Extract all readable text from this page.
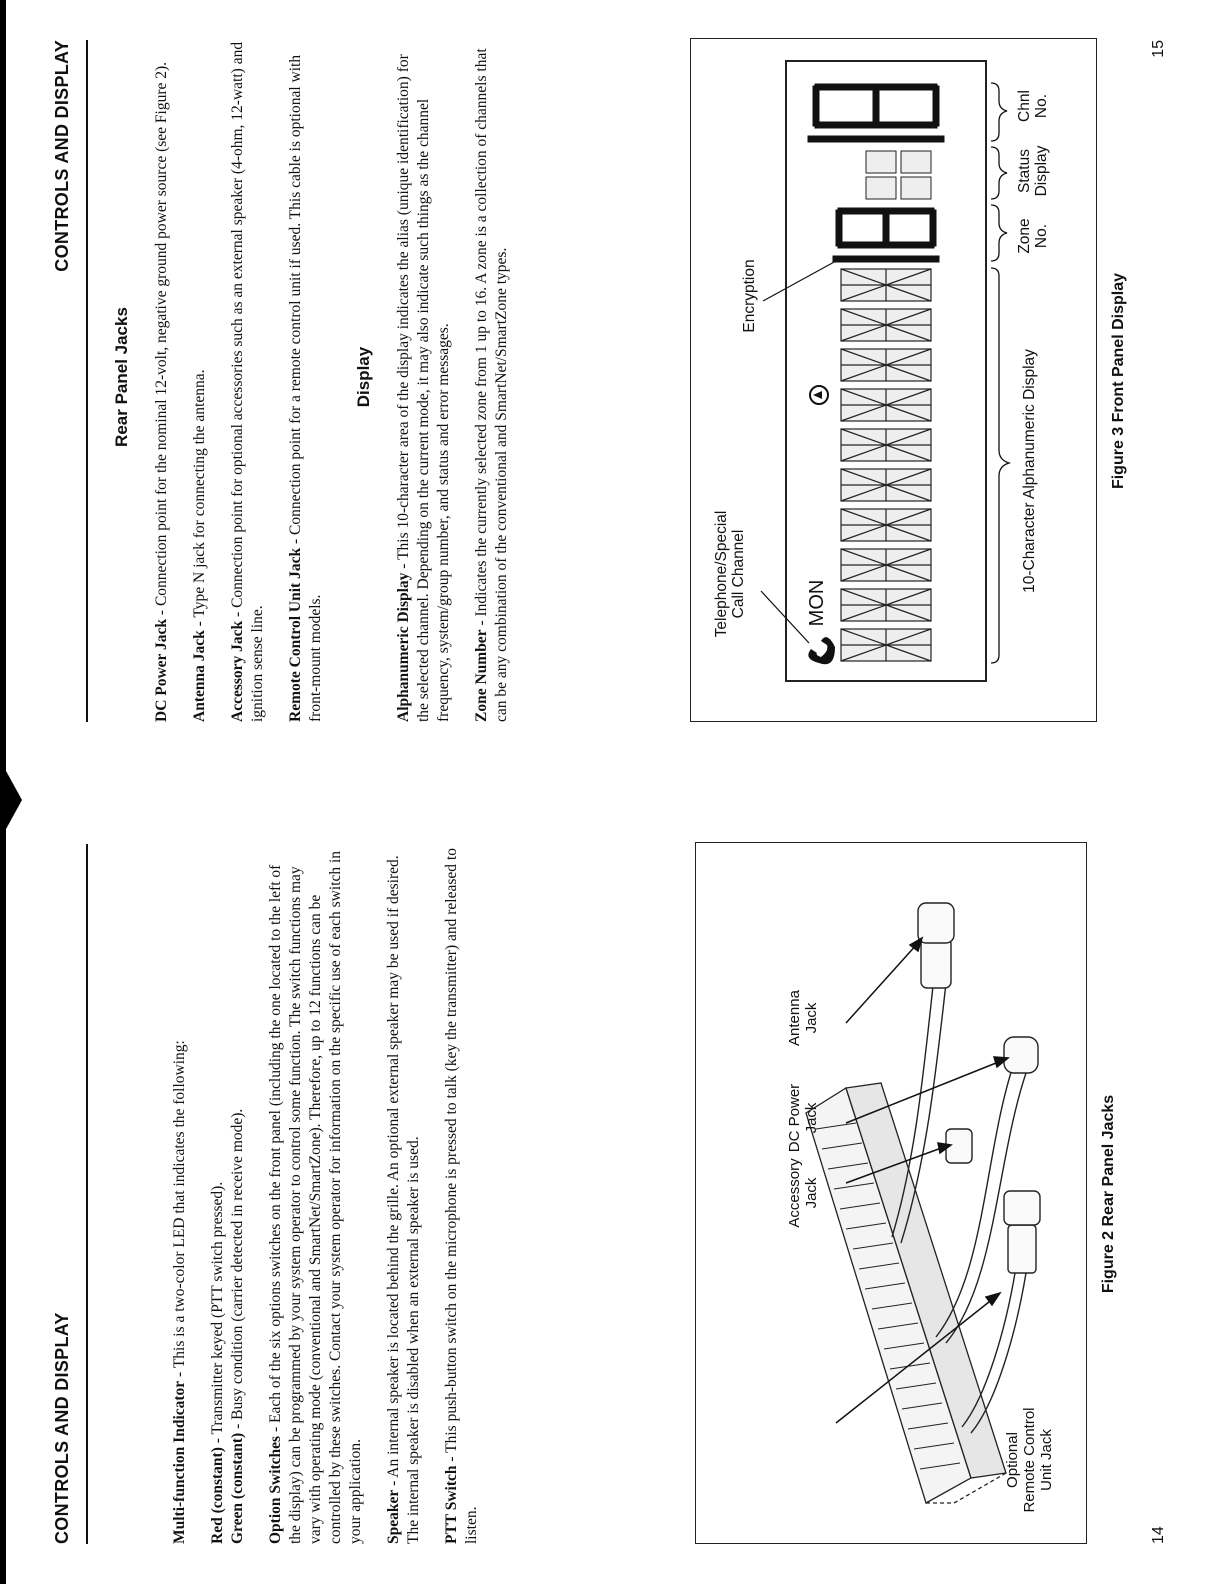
CONTROLS AND DISPLAY	Multi-function Indicator - This is a two-color LED that indicates the following:

Red (constant) - Transmitter keyed (PTT switch pressed).

Green (constant) - Busy condition (carrier detected in receive mode).

Option Switches - Each of the six options switches on the front panel (including the one located to the left of the display) can be programmed by your system operator to control some function. The switch functions may vary with operating mode (conventional and SmartNet/SmartZone). Therefore, up to 12 functions can be controlled by these switches. Contact your system operator for information on the specific use of each switch in your application. Speaker - An internal speaker is located behind the grille. An optional external speaker may be used if desired. The internal speaker is disabled when an external speaker is used. PTT Switch - This push-button switch on the microphone is pressed to talk (key the transmitter) and released to listen.

Optional
Remote Control
Unit Jack
Accessory
Jack
DC Power
Jack
Antenna
Jack
Figure 2 Rear Panel Jacks
14
CONTROLS AND DISPLAY
Rear Panel Jacks

DC Power Jack - Connection point for the nominal 12-volt, negative ground power source (see Figure 2).

Antenna Jack - Type N jack for connecting the antenna.

Accessory Jack - Connection point for optional accessories such as an external speaker (4-ohm, 12-watt) and ignition sense line. Remote Control Unit Jack - Connection point for a remote control unit if used. This cable is optional with front-mount models.

Display

Alphanumeric Display - This 10-character area of the display indicates the alias (unique identification) for the selected channel. Depending on the current mode, it may also indicate such things as the channel frequency, system/group number, and status and error messages. Zone Number - Indicates the currently selected zone from 1 up to 16. A zone is a collection of channels that can be any combination of the conventional and SmartNet/SmartZone types.	Telephone/Special
Call Channel
Encryption
MON
10-Character Alphanumeric Display
Zone
No.
Status
Display
Chnl
No.
Figure 3 Front Panel Display
15
